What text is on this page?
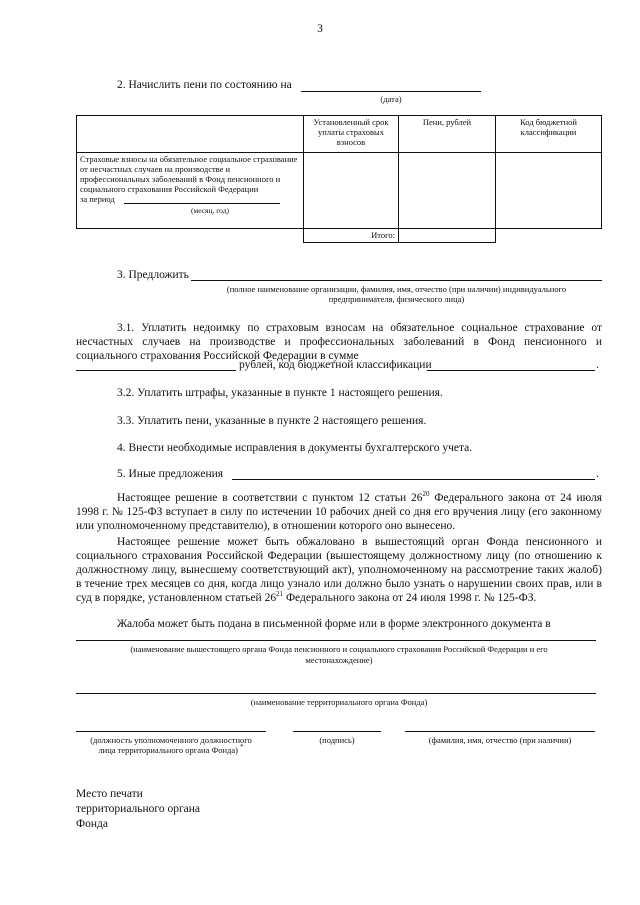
3
2. Начислить пени по состоянию на
(дата)
	Установленный срок уплаты страховых взносов	Пени, рублей	Код бюджетной классификации

Страховые взносы на обязательное социальное страхование от несчастных случаев на производстве и профессиональных заболеваний в Фонд пенсионного и социального страхования Российской Федерации
за период
(месяц, год)			

	Итого:		
3. Предложить
(полное наименование организации, фамилия, имя, отчество (при наличии) индивидуального
предпринимателя, физического лица)
3.1. Уплатить недоимку по страховым взносам на обязательное социальное страхование от несчастных случаев на производстве и профессиональных заболеваний в Фонд пенсионного и социального страхования Российской Федерации в сумме
рублей, код бюджетной классификации	.
3.2. Уплатить штрафы, указанные в пункте 1 настоящего решения.
3.3. Уплатить пени, указанные в пункте 2 настоящего решения.
4. Внести необходимые исправления в документы бухгалтерского учета.
5. Иные предложения	.
Настоящее решение в соответствии с пунктом 12 статьи $26^{20}$ Федерального закона от 24 июля 1998 г. № 125-ФЗ вступает в силу по истечении 10 рабочих дней со дня его вручения лицу (его законному или уполномоченному представителю), в отношении которого оно вынесено.
Настоящее решение может быть обжаловано в вышестоящий орган Фонда пенсионного и социального страхования Российской Федерации (вышестоящему должностному лицу (по отношению к должностному лицу, вынесшему соответствующий акт), уполномоченному на рассмотрение таких жалоб) в течение трех месяцев со дня, когда лицо узнало или должно было узнать о нарушении своих прав, или в суд в порядке, установленном статьей $26^{21}$ Федерального закона от 24 июля 1998 г. № 125-ФЗ.
Жалоба может быть подана в письменной форме или в форме электронного документа в
(наименование вышестоящего органа Фонда пенсионного и социального страхования Российской Федерации и его
местонахождение)
(наименование территориального органа Фонда)
(должность уполномоченного должностного
лица территориального органа Фонда) *
(подпись)	(фамилия, имя, отчество (при наличии)
Место печати
территориального органа
Фонда
